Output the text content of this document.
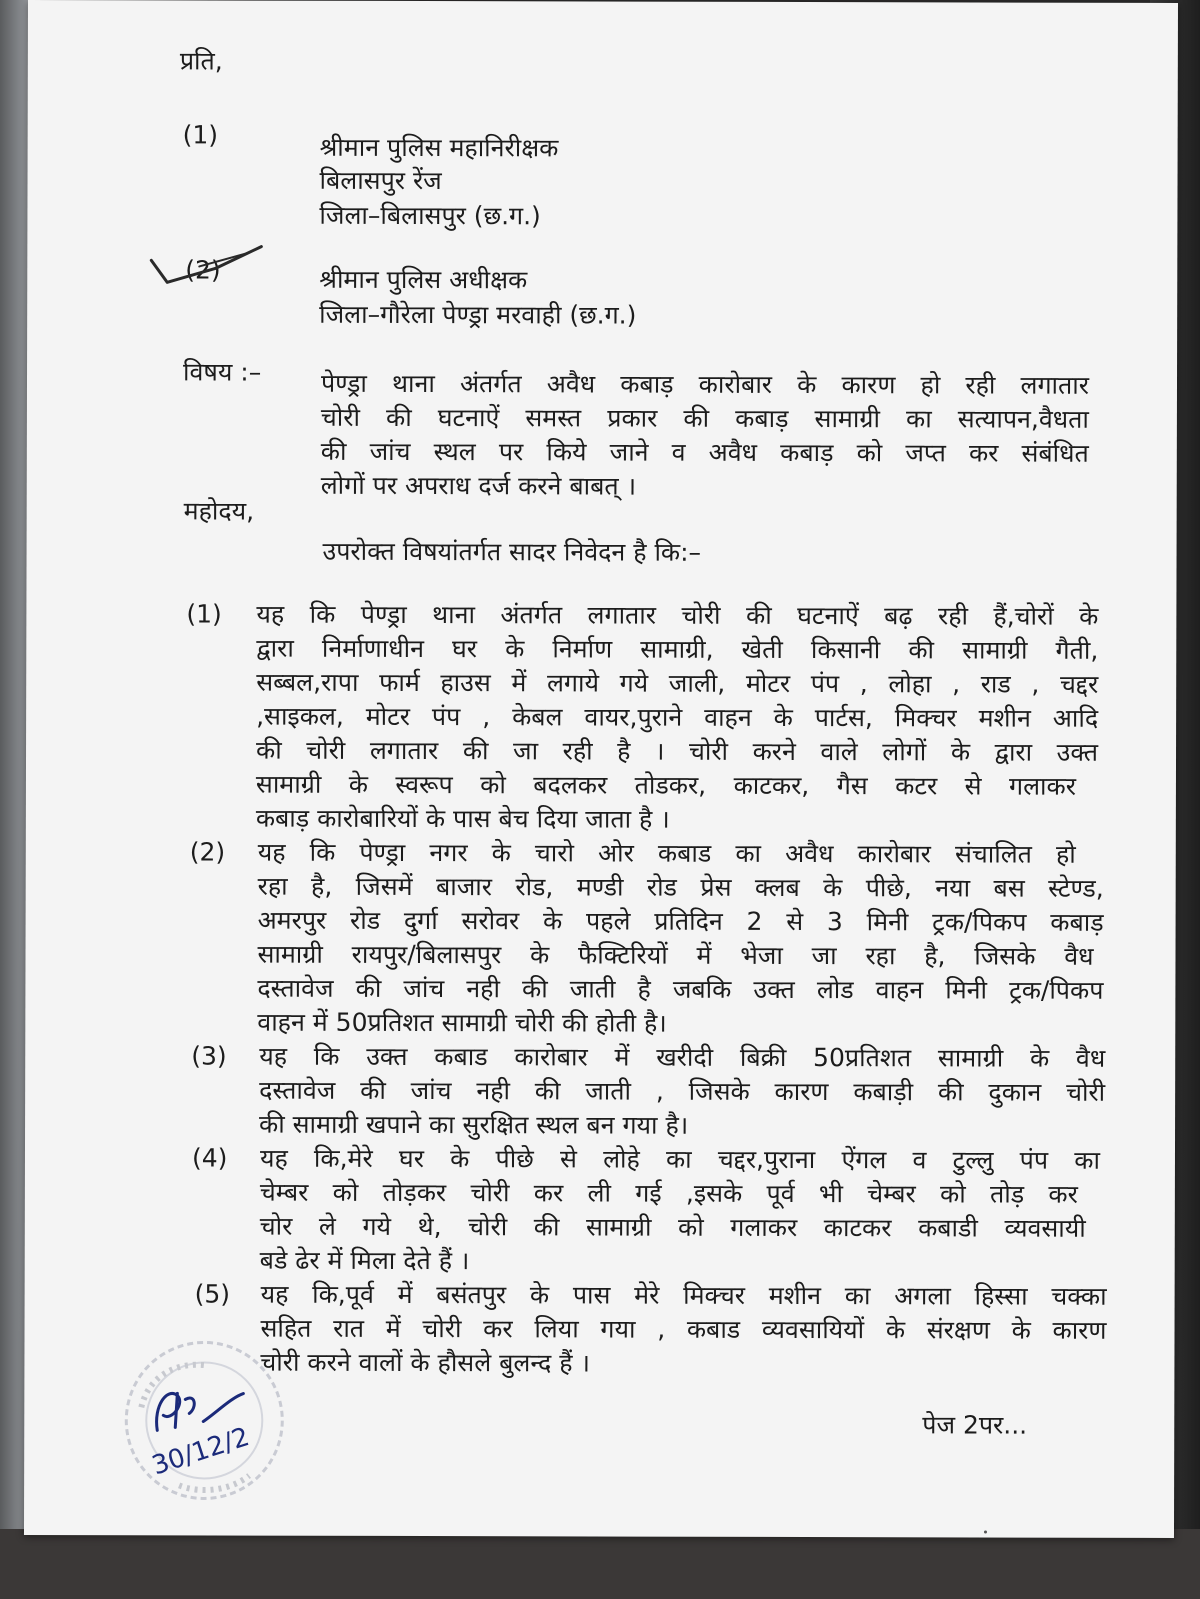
प्रति,
(1)	श्रीमान पुलिस महानिरीक्षक
बिलासपुर रेंज
जिला–बिलासपुर (छ.ग.)
(2)	श्रीमान पुलिस अधीक्षक
जिला–गौरेला पेण्ड्रा मरवाही (छ.ग.)
विषय :– पेण्ड्रा थाना अंतर्गत अवैध कबाड़ कारोबार के कारण हो रही लगातार
चोरी की घटनाऐं समस्त प्रकार की कबाड़ सामाग्री का सत्यापन,वैधता
की जांच स्थल पर किये जाने व अवैध कबाड़ को जप्त कर संबंधित
लोगों पर अपराध दर्ज करने बाबत् ।
महोदय,
उपरोक्त विषयांतर्गत सादर निवेदन है कि:–
(1) यह कि पेण्ड्रा थाना अंतर्गत लगातार चोरी की घटनाऐं बढ़ रही हैं,चोरों के
द्वारा निर्माणाधीन घर के निर्माण सामाग्री, खेती किसानी की सामाग्री गैती,
सब्बल,रापा फार्म हाउस में लगाये गये जाली, मोटर पंप , लोहा , राड , चद्दर
,साइकल, मोटर पंप , केबल वायर,पुराने वाहन के पार्टस, मिक्चर मशीन आदि
की चोरी लगातार की जा रही है । चोरी करने वाले लोगों के द्वारा उक्त
सामाग्री के स्वरूप को बदलकर तोडकर, काटकर, गैस कटर से गलाकर
कबाड़ कारोबारियों के पास बेच दिया जाता है ।
(2) यह कि पेण्ड्रा नगर के चारो ओर कबाड का अवैध कारोबार संचालित हो
रहा है, जिसमें बाजार रोड, मण्डी रोड प्रेस क्लब के पीछे, नया बस स्टेण्ड,
अमरपुर रोड दुर्गा सरोवर के पहले प्रतिदिन 2 से 3 मिनी ट्रक/पिकप कबाड़
सामाग्री रायपुर/बिलासपुर के फैक्टिरियों में भेजा जा रहा है, जिसके वैध
दस्तावेज की जांच नही की जाती है जबकि उक्त लोड वाहन मिनी ट्रक/पिकप
वाहन में 50प्रतिशत सामाग्री चोरी की होती है।
(3) यह कि उक्त कबाड कारोबार में खरीदी बिक्री 50प्रतिशत सामाग्री के वैध
दस्तावेज की जांच नही की जाती , जिसके कारण कबाड़ी की दुकान चोरी
की सामाग्री खपाने का सुरक्षित स्थल बन गया है।
(4) यह कि,मेरे घर के पीछे से लोहे का चद्दर,पुराना ऐंगल व टुल्लु पंप का
चेम्बर को तोड़कर चोरी कर ली गई ,इसके पूर्व भी चेम्बर को तोड़ कर
चोर ले गये थे, चोरी की सामाग्री को गलाकर काटकर कबाडी व्यवसायी
बडे ढेर में मिला देते हैं ।
(5) यह कि,पूर्व में बसंतपुर के पास मेरे मिक्चर मशीन का अगला हिस्सा चक्का
सहित रात में चोरी कर लिया गया , कबाड व्यवसायियों के संरक्षण के कारण
चोरी करने वालों के हौसले बुलन्द हैं ।
30/12/2	पेज 2पर...
